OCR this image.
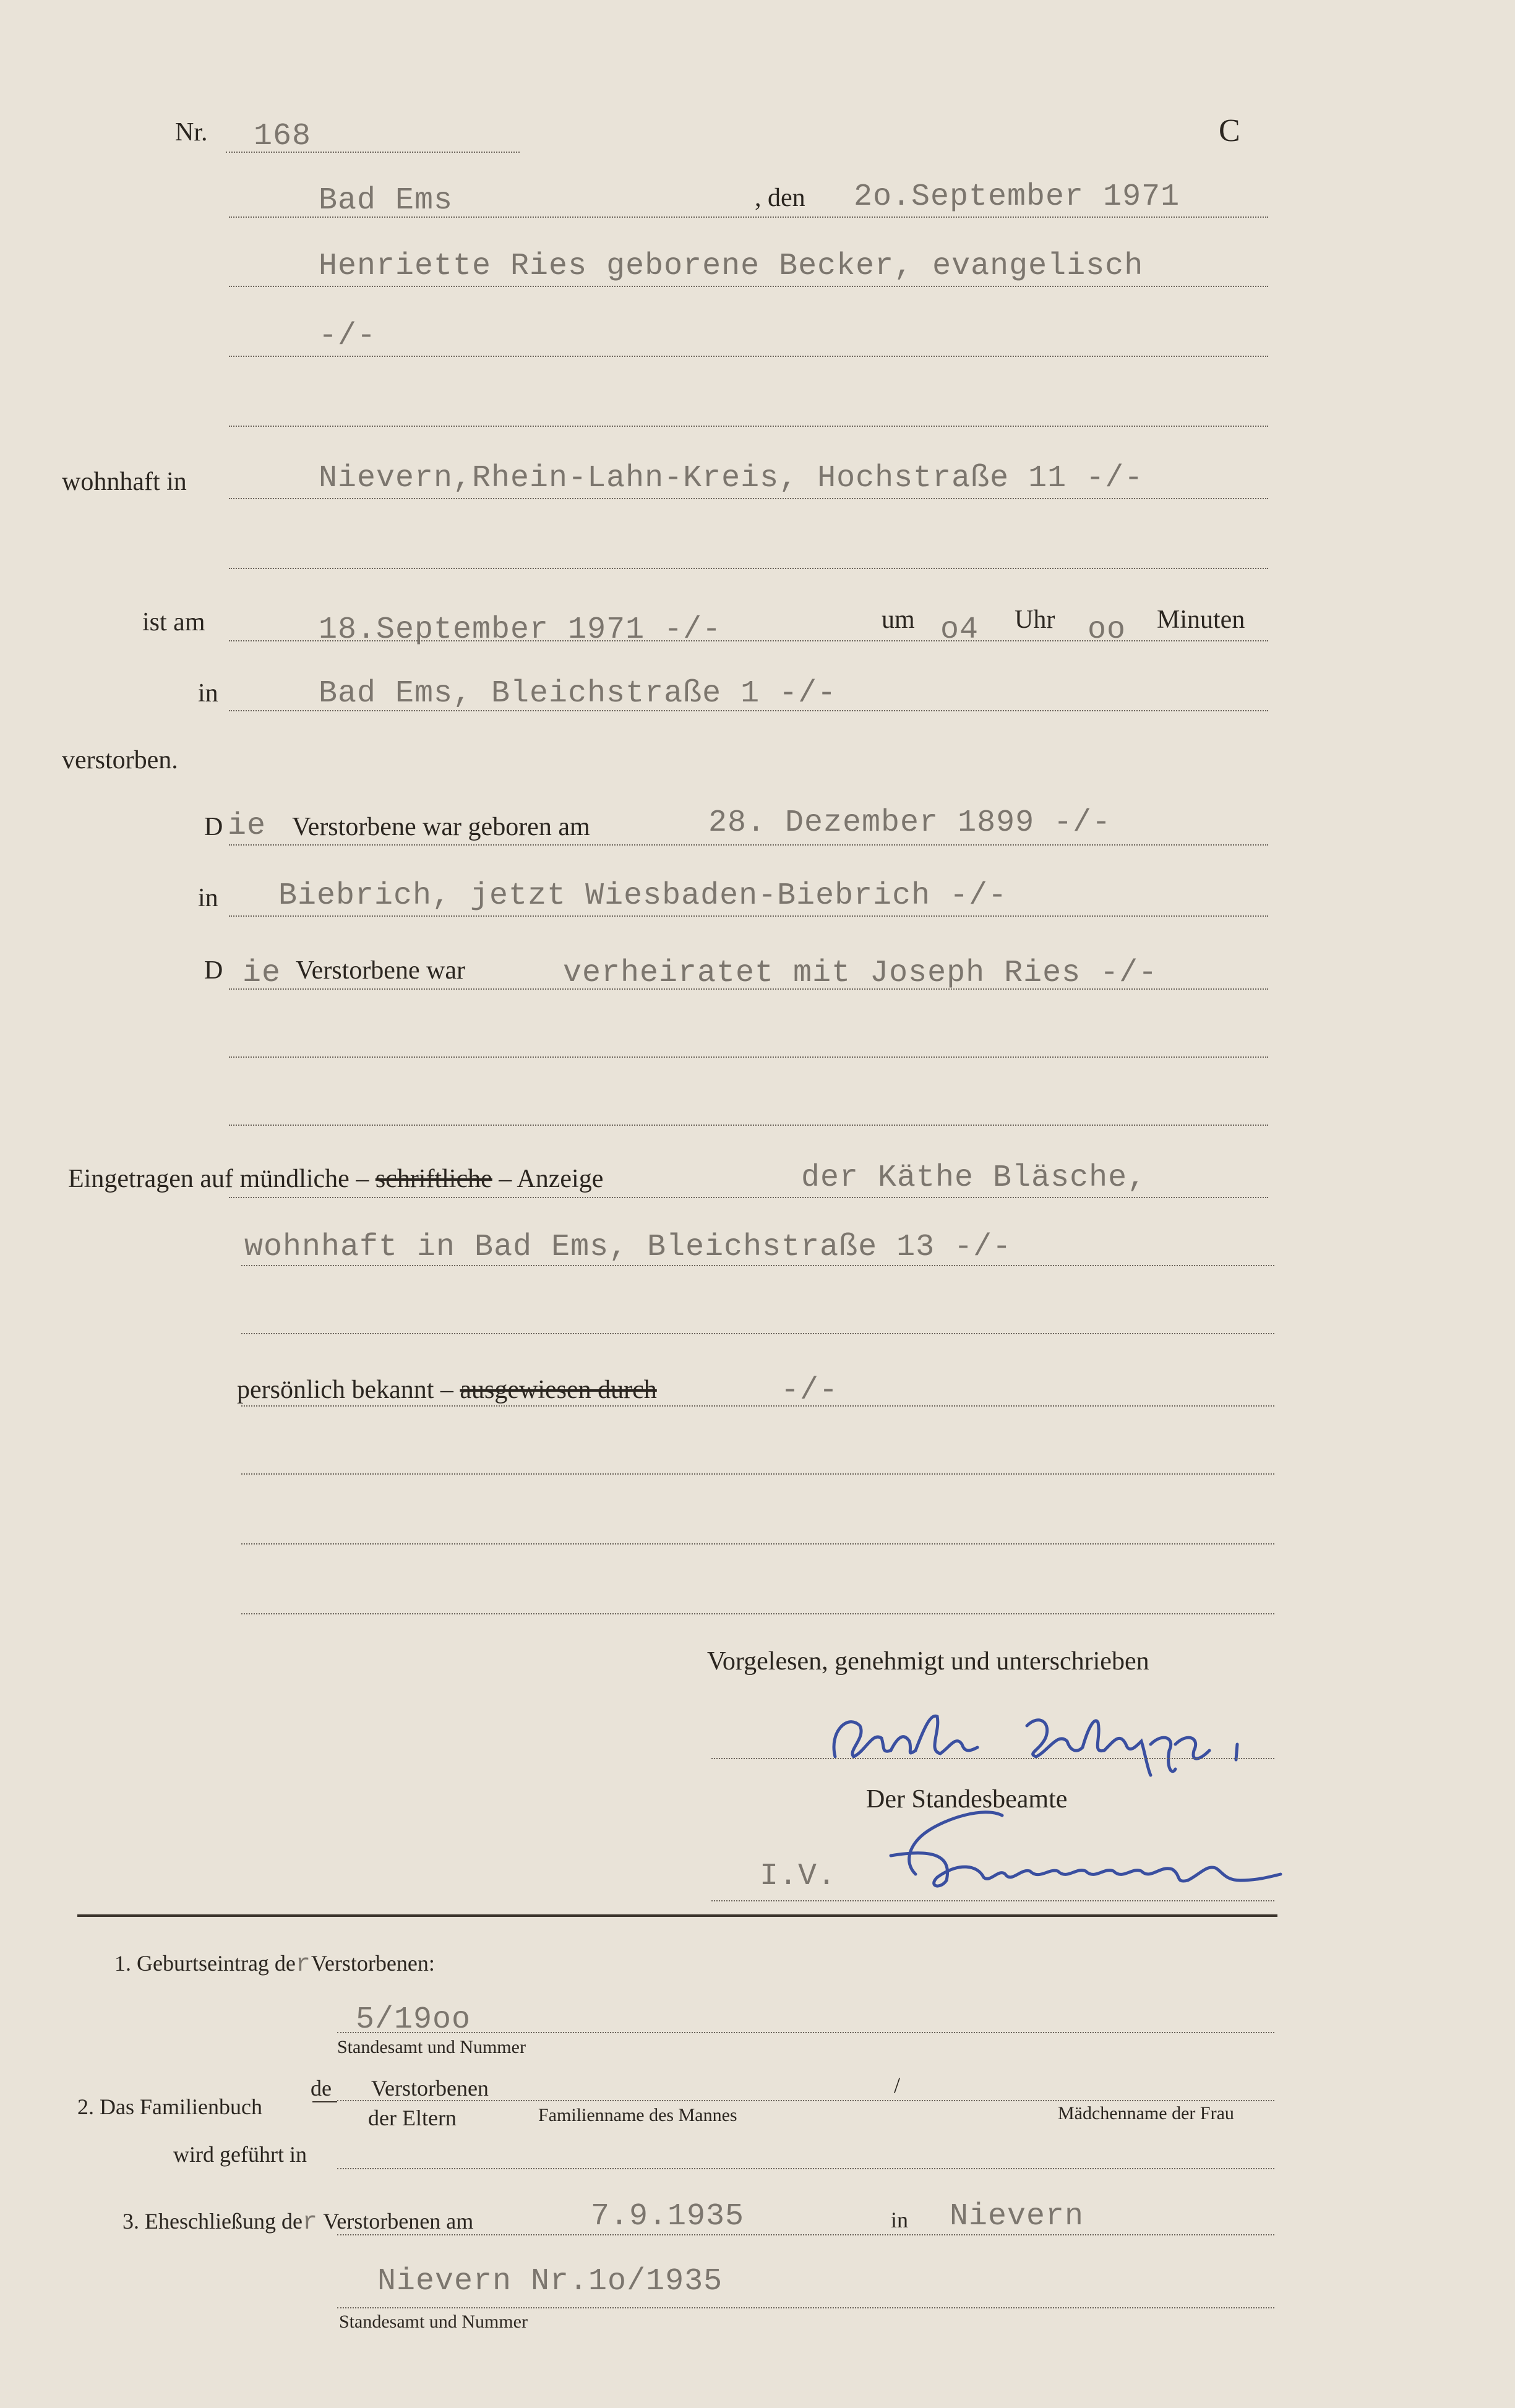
Nr. 168	C
Bad Ems	, den 2o.September 1971
Henriette Ries geborene Becker, evangelisch
-/-
wohnhaft in	Nievern,Rhein-Lahn-Kreis, Hochstraße 11 -/-
ist am	18.September 1971 -/-	um o4 Uhr oo Minuten
in	Bad Ems, Bleichstraße 1 -/-
verstorben.
D ie Verstorbene war geboren am	28. Dezember 1899 -/-
in Biebrich, jetzt Wiesbaden-Biebrich -/-
D ie Verstorbene war	verheiratet mit Joseph Ries -/-
Eingetragen auf mündliche – schriftliche – Anzeige	der Käthe Bläsche,
wohnhaft in Bad Ems, Bleichstraße 13 -/-
persönlich bekannt – ausgewiesen durch	-/-
Vorgelesen, genehmigt und unterschrieben
Der Standesbeamte
I.V.
1. Geburtseintrag derVerstorbenen:
5/19oo
Standesamt und Nummer
2. Das Familienbuch
de Verstorbenen	/
der Eltern	Familienname des Mannes	Mädchenname der Frau
wird geführt in
3. Eheschließung der Verstorbenen am	7.9.1935	in Nievern
Nievern Nr.1o/1935
Standesamt und Nummer
